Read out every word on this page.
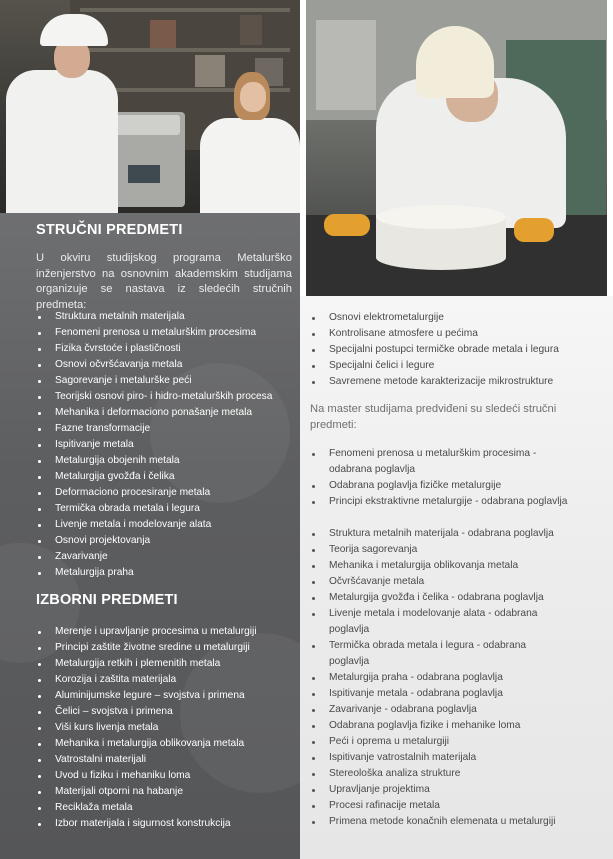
STRUČNI PREDMETI

U okviru studijskog programa Metalurško inženjerstvo na osnovnim akademskim studijama organizuje se nastava iz sledećih stručnih predmeta:

Struktura metalnih materijala
Fenomeni prenosa u metalurškim procesima
Fizika čvrstoće i plastičnosti
Osnovi očvršćavanja metala
Sagorevanje i metalurške peći
Teorijski osnovi piro- i hidro-metalurških procesa
Mehanika i deformaciono ponašanje metala
Fazne transformacije
Ispitivanje metala
Metalurgija obojenih metala
Metalurgija gvožđa i čelika
Deformaciono procesiranje metala
Termička obrada metala i legura
Livenje metala i modelovanje alata
Osnovi projektovanja
Zavarivanje
Metalurgija praha
IZBORNI PREDMETI
Merenje i upravljanje procesima u metalurgiji
Principi zaštite životne sredine u metalurgiji
Metalurgija retkih i plemenitih metala
Korozija i zaštita materijala
Aluminijumske legure – svojstva i primena
Čelici – svojstva i primena
Viši kurs livenja metala
Mehanika i metalurgija oblikovanja metala
Vatrostalni materijali
Uvod u fiziku i mehaniku loma
Materijali otporni na habanje
Reciklaža metala
Izbor materijala i sigurnost konstrukcija
Osnovi elektrometalurgije
Kontrolisane atmosfere u pećima
Specijalni postupci termičke obrade metala i legura
Specijalni čelici i legure
Savremene metode karakterizacije mikrostrukture

Na master studijama predviđeni su sledeći stručni predmeti:

Fenomeni prenosa u metalurškim procesima - odabrana poglavlja
Odabrana poglavlja fizičke metalurgije
Principi ekstraktivne metalurgije - odabrana poglavlja
Struktura metalnih materijala - odabrana poglavlja
Teorija sagorevanja
Mehanika i metalurgija oblikovanja metala
Očvršćavanje metala
Metalurgija gvožđa i čelika - odabrana poglavlja
Livenje metala i modelovanje alata - odabrana poglavlja
Termička obrada metala i legura - odabrana poglavlja
Metalurgija praha - odabrana poglavlja
Ispitivanje metala - odabrana poglavlja
Zavarivanje - odabrana poglavlja
Odabrana poglavlja fizike i mehanike loma
Peći i oprema u metalurgiji
Ispitivanje vatrostalnih materijala
Stereološka analiza strukture
Upravljanje projektima
Procesi rafinacije metala
Primena metode konačnih elemenata u metalurgiji
